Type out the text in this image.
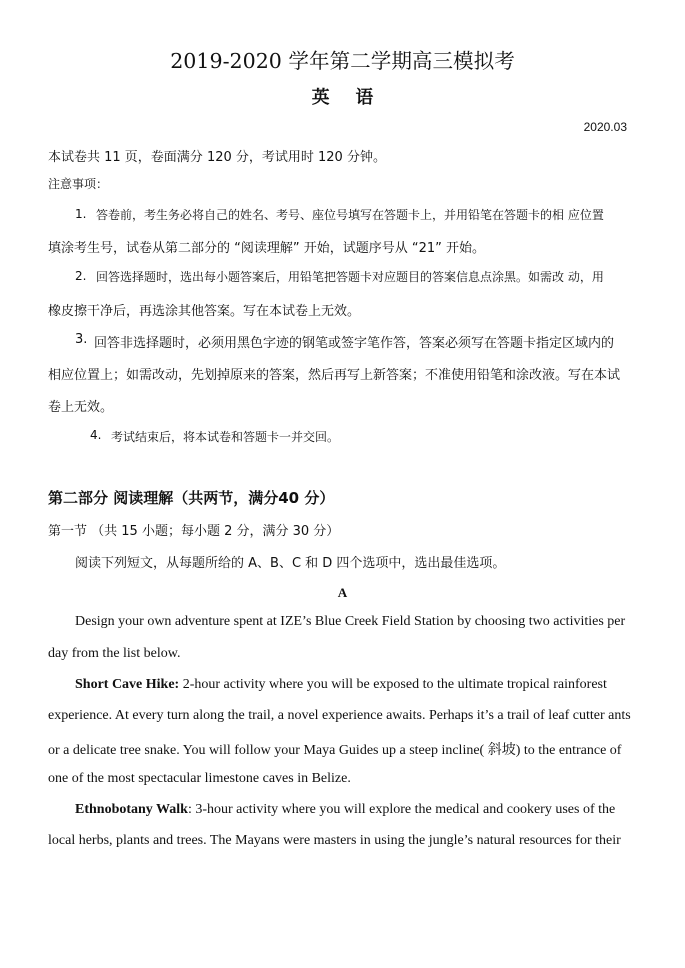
2019-2020 学年第二学期高三模拟考
英语
2020.03
本试卷共 11 页，卷面满分 120 分，考试用时 120 分钟。
注意事项：
1. 答卷前，考生务必将自己的姓名、考号、座位号填写在答题卡上，并用铅笔在答题卡的相 应位置
填涂考生号，试卷从第二部分的 “阅读理解” 开始，试题序号从 “21” 开始。
2. 回答选择题时，选出每小题答案后，用铅笔把答题卡对应题目的答案信息点涂黑。如需改 动，用
橡皮擦干净后，再选涂其他答案。写在本试卷上无效。
3. 回答非选择题时，必须用黑色字迹的钢笔或签字笔作答，答案必须写在答题卡指定区域内的
相应位置上；如需改动，先划掉原来的答案，然后再写上新答案；不准使用铅笔和涂改液。写在本试
卷上无效。
4. 考试结束后，将本试卷和答题卡一并交回。
第二部分 阅读理解（共两节，满分40 分）
第一节 （共 15 小题；每小题 2 分，满分 30 分）
阅读下列短文，从每题所给的 A、B、C 和 D 四个选项中，选出最佳选项。
A
Design your own adventure spent at IZE’s Blue Creek Field Station by choosing two activities per
day from the list below.
Short Cave Hike: 2-hour activity where you will be exposed to the ultimate tropical rainforest
experience. At every turn along the trail, a novel experience awaits. Perhaps it’s a trail of leaf cutter ants
or a delicate tree snake. You will follow your Maya Guides up a steep incline( 斜坡) to the entrance of
one of the most spectacular limestone caves in Belize.
Ethnobotany Walk: 3-hour activity where you will explore the medical and cookery uses of the
local herbs, plants and trees. The Mayans were masters in using the jungle’s natural resources for their
